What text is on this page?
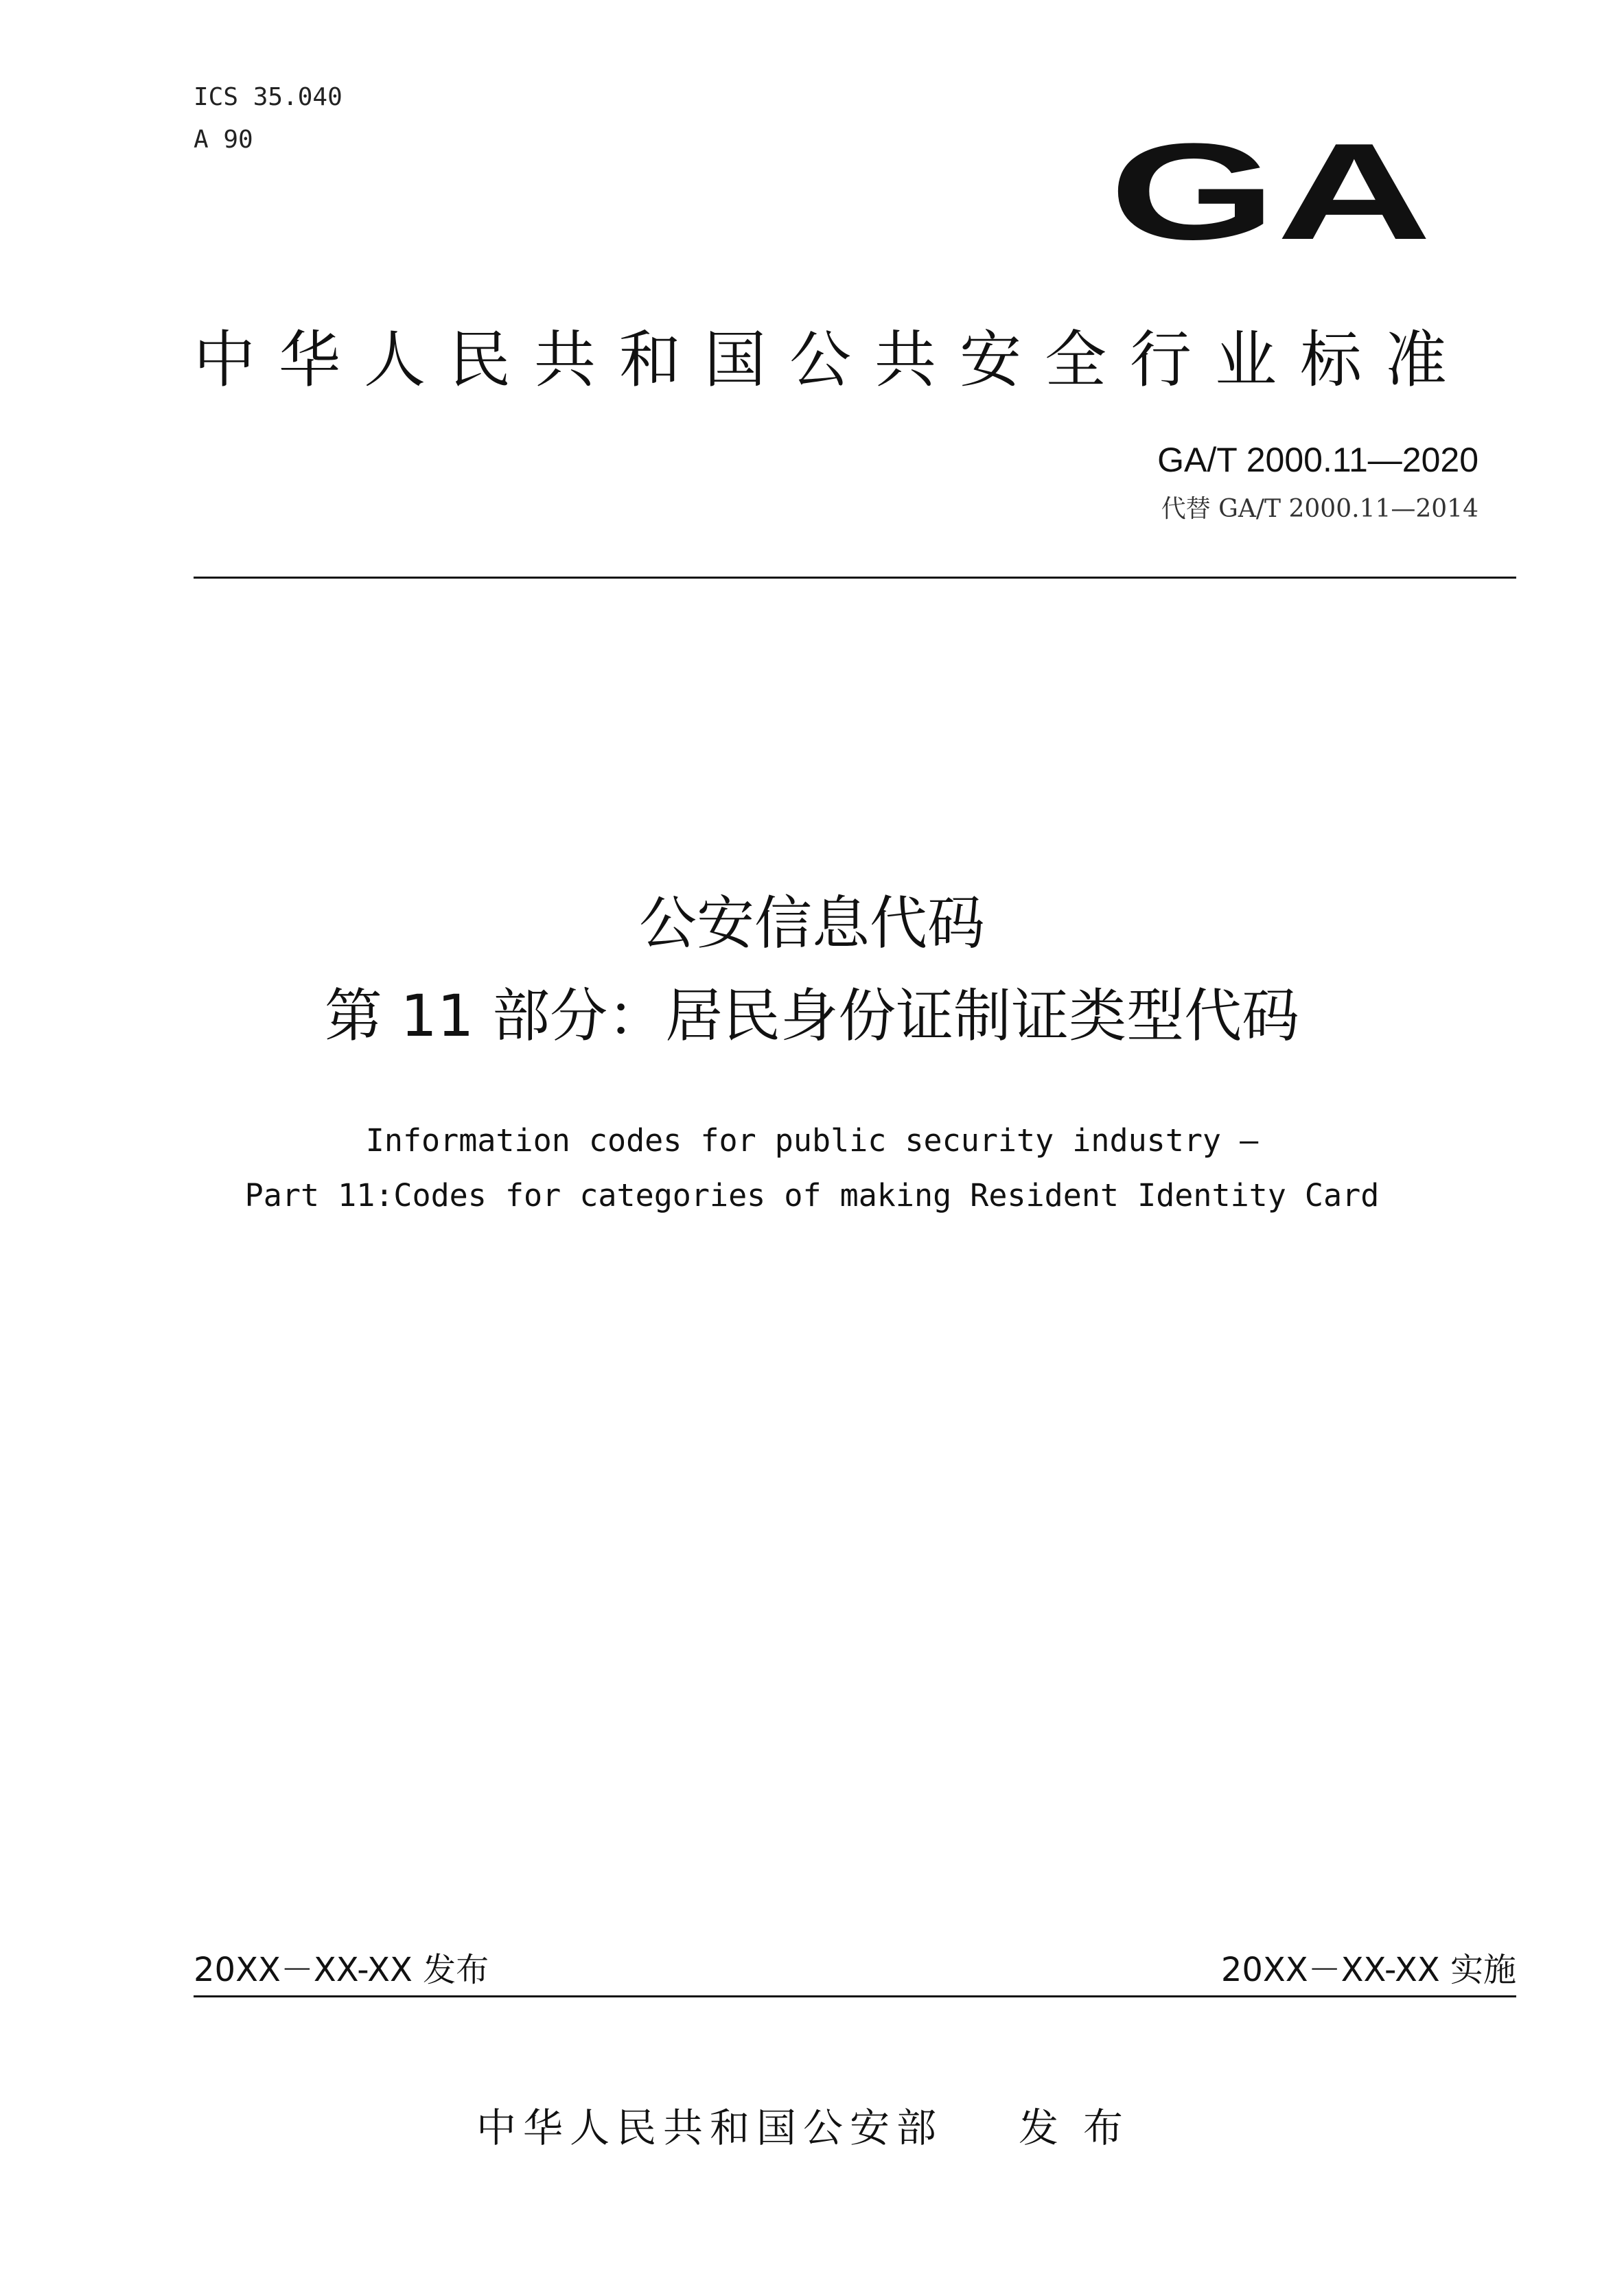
ICS 35.040
A 90	GA
中华人民共和国公共安全行业标准
GA/T 2000.11—2020
代替 GA/T 2000.11—2014
公安信息代码
第 11 部分：居民身份证制证类型代码
Information codes for public security industry —
Part 11:Codes for categories of making Resident Identity Card
20XX－XX-XX 发布	20XX－XX-XX 实施
中华人民共和国公安部 发布
